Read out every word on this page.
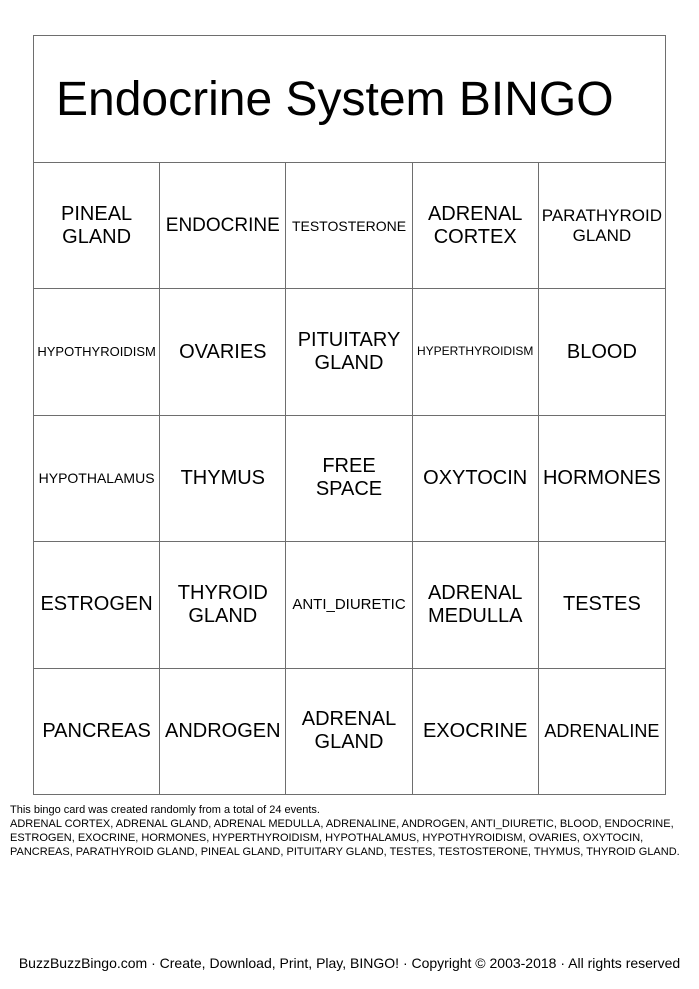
Endocrine System BINGO
PINEAL GLAND
ENDOCRINE TESTOSTERONE
ADRENAL CORTEX
PARATHYROID GLAND
HYPOTHYROIDISM OVARIES
PITUITARY GLAND
HYPERTHYROIDISM BLOOD
HYPOTHALAMUS THYMUS
FREE SPACE
OXYTOCIN HORMONES
ESTROGEN
THYROID GLAND
ANTI_DIURETIC
ADRENAL MEDULLA
TESTES
PANCREAS ANDROGEN
ADRENAL GLAND
EXOCRINE ADRENALINE
This bingo card was created randomly from a total of 24 events.
ADRENAL CORTEX, ADRENAL GLAND, ADRENAL MEDULLA, ADRENALINE, ANDROGEN, ANTI_DIURETIC, BLOOD, ENDOCRINE, ESTROGEN, EXOCRINE, HORMONES, HYPERTHYROIDISM, HYPOTHALAMUS, HYPOTHYROIDISM, OVARIES, OXYTOCIN, PANCREAS, PARATHYROID GLAND, PINEAL GLAND, PITUITARY GLAND, TESTES, TESTOSTERONE, THYMUS, THYROID GLAND.
BuzzBuzzBingo.com · Create, Download, Print, Play, BINGO! · Copyright © 2003-2018 · All rights reserved
